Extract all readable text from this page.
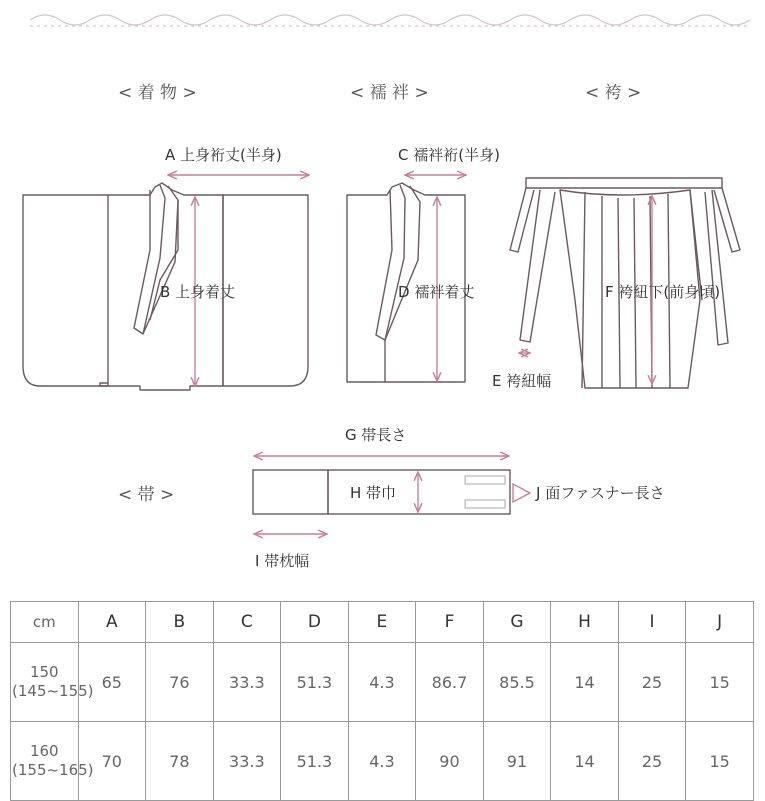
< 着 物 >	< 襦 袢 >	< 袴 >
< 帯 >
A 上身裄丈(半身)
B 上身着丈
C 襦袢裄(半身)
D 襦袢着丈	F 袴紐下(前身頃)
E 袴紐幅
G 帯長さ
H 帯巾
I 帯枕幅
J 面ファスナー長さ
cm	A	B	C	D	E	F	G	H	I	J

150
(145~155)	65	76	33.3	51.3	4.3	86.7	85.5	14	25	15

160
(155~165)	70	78	33.3	51.3	4.3	90	91	14	25	15
